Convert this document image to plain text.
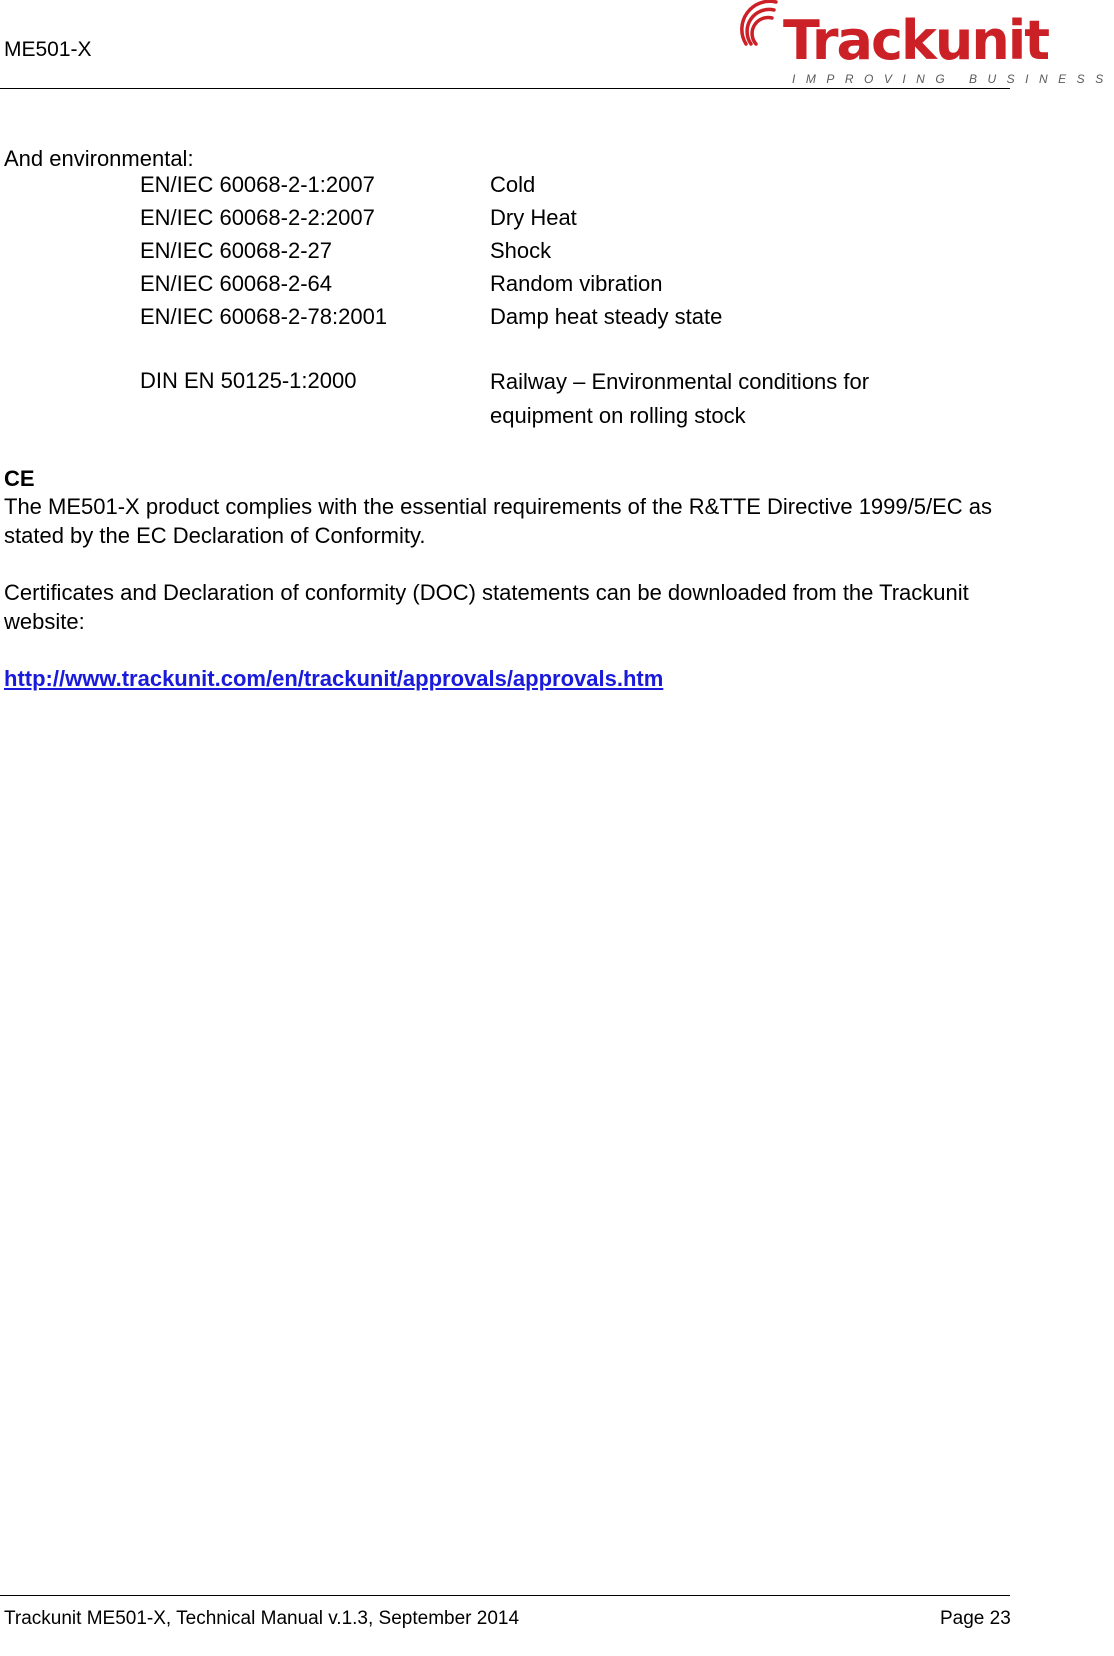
ME501-X	Trackunit
IMPROVING BUSINESS
And environmental:
EN/IEC 60068-2-1:2007	Cold
EN/IEC 60068-2-2:2007	Dry Heat
EN/IEC 60068-2-27	Shock
EN/IEC 60068-2-64	Random vibration
EN/IEC 60068-2-78:2001	Damp heat steady state
DIN EN 50125-1:2000	Railway – Environmental conditions for equipment on rolling stock
CE
The ME501-X product complies with the essential requirements of the R&TTE Directive 1999/5/EC as stated by the EC Declaration of Conformity.
Certificates and Declaration of conformity (DOC) statements can be downloaded from the Trackunit website:
http://www.trackunit.com/en/trackunit/approvals/approvals.htm
Trackunit ME501-X, Technical Manual v.1.3, September 2014	Page 23
